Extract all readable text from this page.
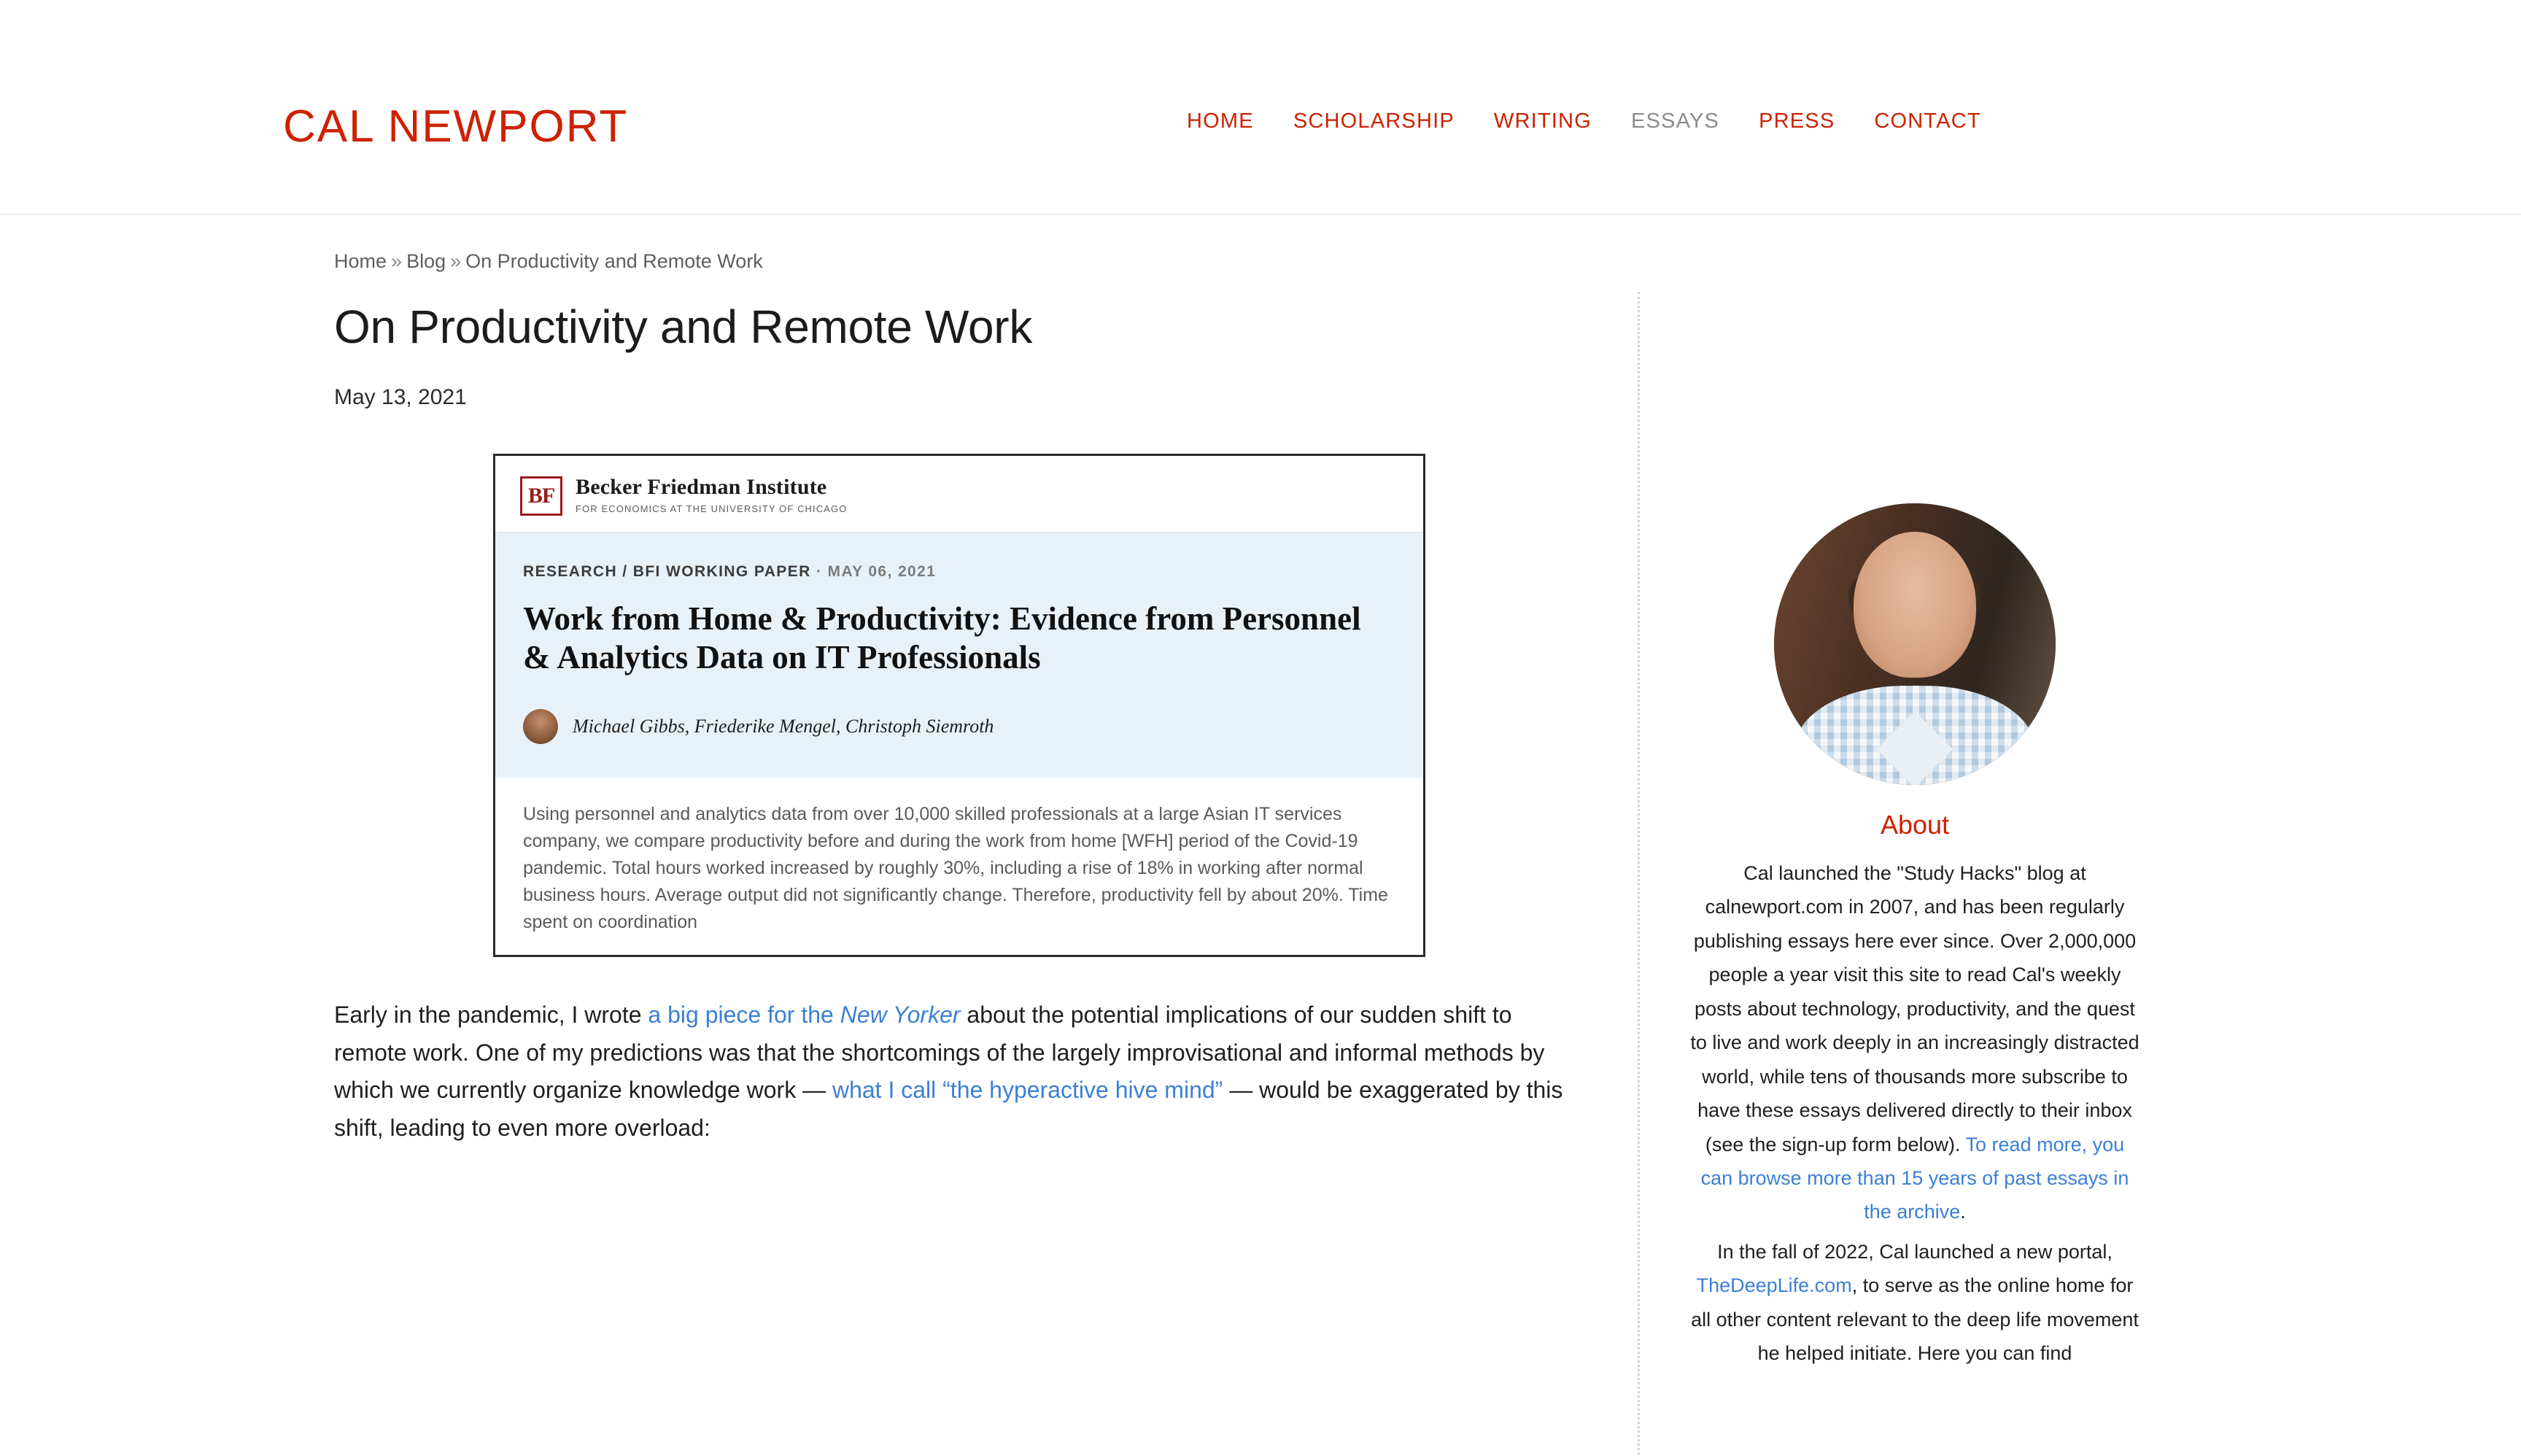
CAL NEWPORT	HOME	SCHOLARSHIP	WRITING	ESSAYS	PRESS	CONTACT
Home » Blog » On Productivity and Remote Work
On Productivity and Remote Work
May 13, 2021
BF Becker Friedman Institute
FOR ECONOMICS AT THE UNIVERSITY OF CHICAGO
RESEARCH / BFI WORKING PAPER · MAY 06, 2021
Work from Home & Productivity: Evidence from Personnel & Analytics Data on IT Professionals
Michael Gibbs, Friederike Mengel, Christoph Siemroth
Using personnel and analytics data from over 10,000 skilled professionals at a large Asian IT services company, we compare productivity before and during the work from home [WFH] period of the Covid-19 pandemic. Total hours worked increased by roughly 30%, including a rise of 18% in working after normal business hours. Average output did not significantly change. Therefore, productivity fell by about 20%. Time spent on coordination

Early in the pandemic, I wrote a big piece for the New Yorker about the potential implications of our sudden shift to remote work. One of my predictions was that the shortcomings of the largely improvisational and informal methods by which we currently organize knowledge work — what I call “the hyperactive hive mind” — would be exaggerated by this shift, leading to even more overload:

About

Cal launched the "Study Hacks" blog at calnewport.com in 2007, and has been regularly publishing essays here ever since. Over 2,000,000 people a year visit this site to read Cal's weekly posts about technology, productivity, and the quest to live and work deeply in an increasingly distracted world, while tens of thousands more subscribe to have these essays delivered directly to their inbox (see the sign-up form below). To read more, you can browse more than 15 years of past essays in the archive.

In the fall of 2022, Cal launched a new portal, TheDeepLife.com, to serve as the online home for all other content relevant to the deep life movement he helped initiate. Here you can find
